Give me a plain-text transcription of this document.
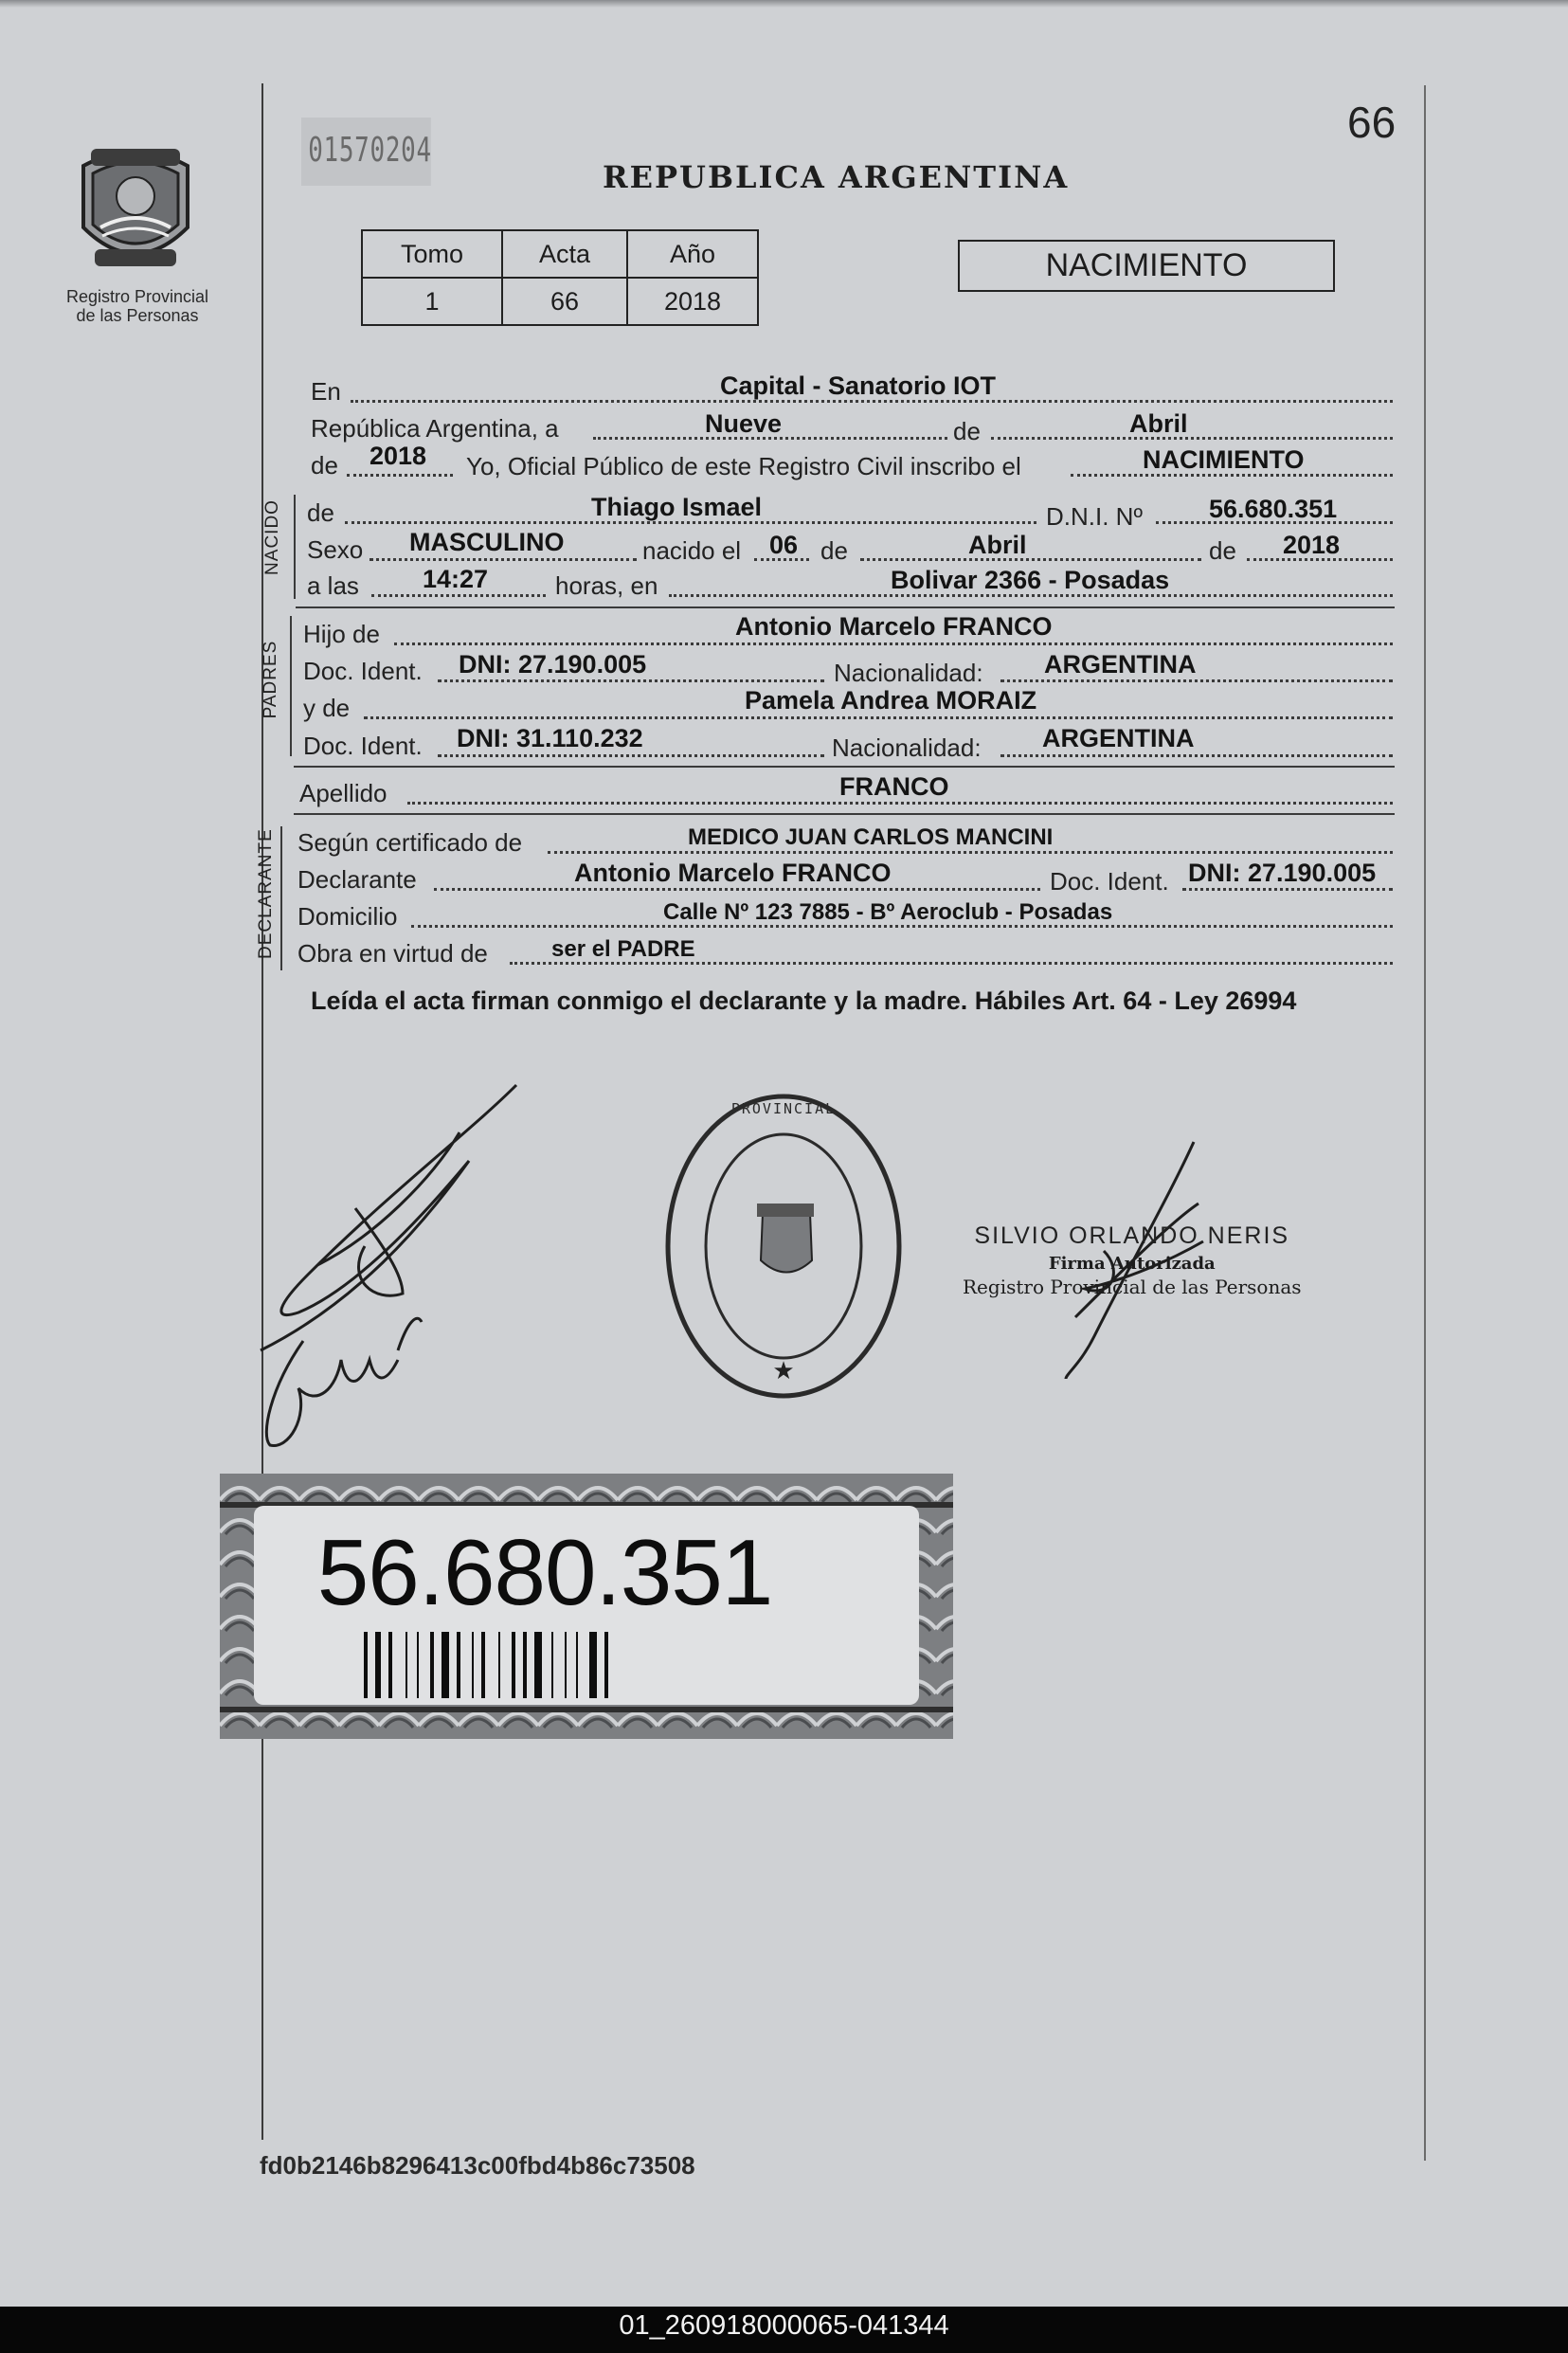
Registro Provincial
de las Personas
01570204
66
REPUBLICA ARGENTINA
Tomo	Acta	Año
1	66	2018
NACIMIENTO
En	Capital - Sanatorio IOT
República Argentina, a	Nueve	de	Abril
de 2018 Yo, Oficial Público de este Registro Civil inscribo el	NACIMIENTO
NACIDO de	Thiago Ismael	D.N.I. Nº	56.680.351
Sexo MASCULINO	nacido el 06 de	Abril	de 2018
a las 14:27	horas, en	Bolivar 2366 - Posadas
PADRES
Hijo de	Antonio Marcelo FRANCO
Doc. Ident. DNI: 27.190.005	Nacionalidad: ARGENTINA
y de	Pamela Andrea MORAIZ
Doc. Ident. DNI: 31.110.232	Nacionalidad: ARGENTINA
Apellido	FRANCO
DECLARANTE Según certificado de	MEDICO JUAN CARLOS MANCINI
Declarante	Antonio Marcelo FRANCO	Doc. Ident. DNI: 27.190.005
Domicilio	Calle Nº 123 7885 - Bº Aeroclub - Posadas
Obra en virtud de	ser el PADRE
Leída el acta firman conmigo el declarante y la madre. Hábiles Art. 64 - Ley 26994
★
PROVINCIAL
SILVIO ORLANDO NERIS
Firma Autorizada
Registro Provincial de las Personas
56.680.351
fd0b2146b8296413c00fbd4b86c73508
01_260918000065-041344
